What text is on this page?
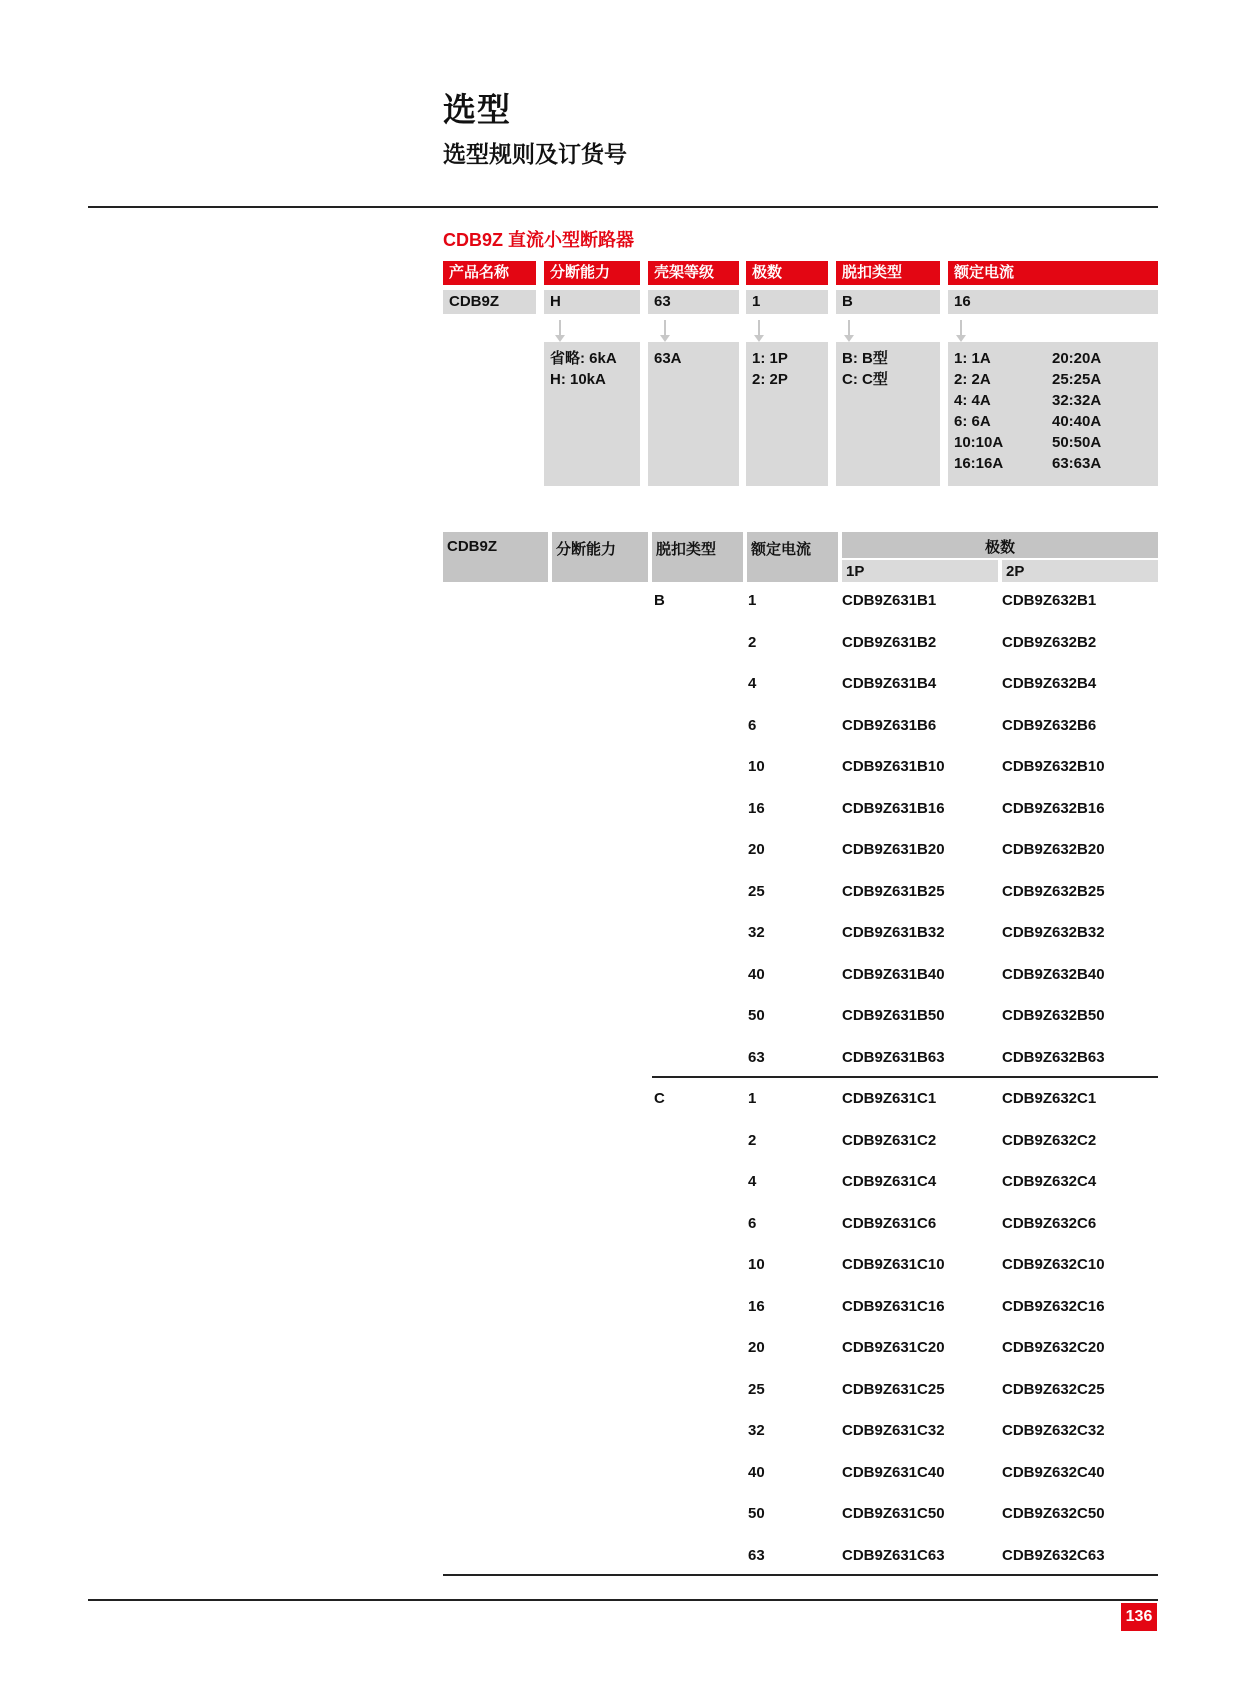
选型
选型规则及订货号
CDB9Z 直流小型断路器
产品名称	分断能力	壳架等级	极数	脱扣类型	额定电流
CDB9Z	H	63	1	B	16
省略: 6kA
H: 10kA
63A	1: 1P
2: 2P
B: B型
C: C型

1: 1A
2: 2A
4: 4A
6: 6A
10:10A
16:16A

20:20A
25:25A
32:32A
40:40A
50:50A
63:63A

CDB9Z	分断能力	脱扣类型	额定电流	极数
1P	2P
B	1	CDB9Z631B1	CDB9Z632B1
2	CDB9Z631B2	CDB9Z632B2
4	CDB9Z631B4	CDB9Z632B4
6	CDB9Z631B6	CDB9Z632B6
10	CDB9Z631B10	CDB9Z632B10
16	CDB9Z631B16	CDB9Z632B16
20	CDB9Z631B20	CDB9Z632B20
25	CDB9Z631B25	CDB9Z632B25
32	CDB9Z631B32	CDB9Z632B32
40	CDB9Z631B40	CDB9Z632B40
50	CDB9Z631B50	CDB9Z632B50
63	CDB9Z631B63	CDB9Z632B63
C	1	CDB9Z631C1	CDB9Z632C1
2	CDB9Z631C2	CDB9Z632C2
4	CDB9Z631C4	CDB9Z632C4
6	CDB9Z631C6	CDB9Z632C6
10	CDB9Z631C10	CDB9Z632C10
16	CDB9Z631C16	CDB9Z632C16
20	CDB9Z631C20	CDB9Z632C20
25	CDB9Z631C25	CDB9Z632C25
32	CDB9Z631C32	CDB9Z632C32
40	CDB9Z631C40	CDB9Z632C40
50	CDB9Z631C50	CDB9Z632C50
63	CDB9Z631C63	CDB9Z632C63
136
